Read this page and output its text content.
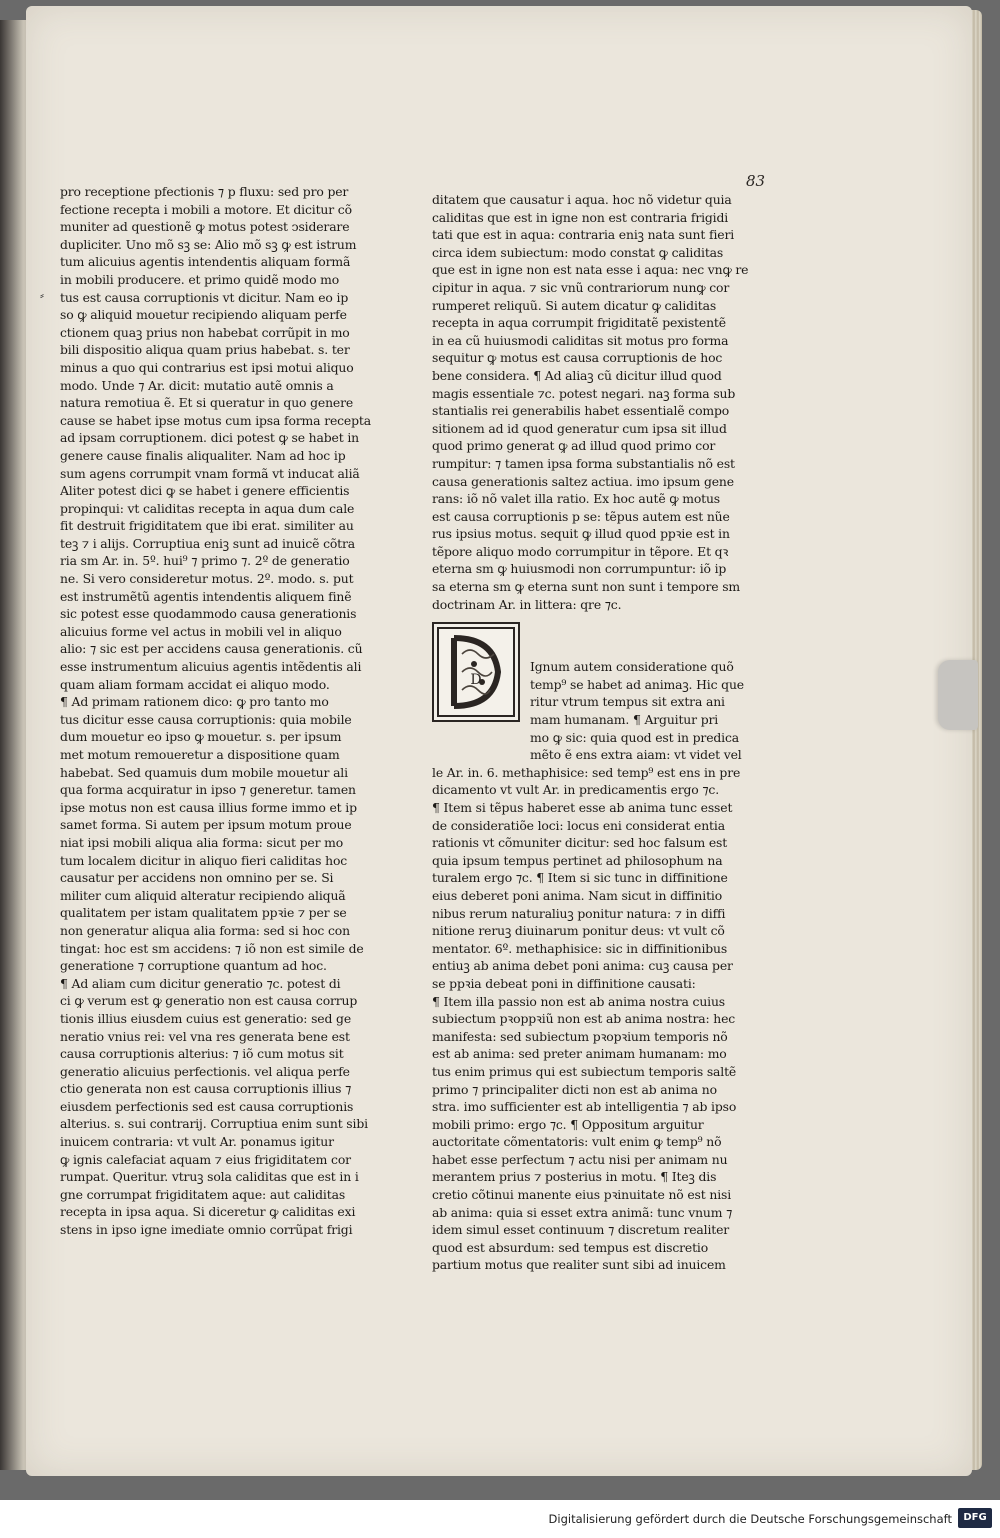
83
⸗
pro receptione pfectionis ⁊ p fluxu: sed pro per
fectione recepta i mobili a motore. Et dicitur cõ
muniter ad questionẽ ꝙ motus potest ↄsiderare
dupliciter. Uno mõ sꝫ se: Alio mõ sꝫ ꝙ est istrum
tum alicuius agentis intendentis aliquam formã
in mobili producere. et primo quidẽ modo mo
tus est causa corruptionis vt dicitur. Nam eo ip
so ꝙ aliquid mouetur recipiendo aliquam perfe
ctionem quaꝫ prius non habebat corrũpit in mo
bili dispositio aliqua quam prius habebat. s. ter
minus a quo qui contrarius est ipsi motui aliquo
modo. Unde ⁊ Ar. dicit: mutatio autẽ omnis a
natura remotiua ẽ. Et si queratur in quo genere
cause se habet ipse motus cum ipsa forma recepta
ad ipsam corruptionem. dici potest ꝙ se habet in
genere cause finalis aliqualiter. Nam ad hoc ip
sum agens corrumpit vnam formã vt inducat aliã
Aliter potest dici ꝙ se habet i genere efficientis
propinqui: vt caliditas recepta in aqua dum cale
fit destruit frigiditatem que ibi erat. similiter au
teꝫ ⁊ i alijs. Corruptiua eniꝫ sunt ad inuicẽ cõtra
ria sm Ar. in. 5º. hui⁹ ⁊ primo ⁊. 2º de generatio
ne. Si vero consideretur motus. 2º. modo. s. put
est instrumẽtũ agentis intendentis aliquem finẽ
sic potest esse quodammodo causa generationis
alicuius forme vel actus in mobili vel in aliquo
alio: ⁊ sic est per accidens causa generationis. cũ
esse instrumentum alicuius agentis intẽdentis ali
quam aliam formam accidat ei aliquo modo.
¶ Ad primam rationem dico: ꝙ pro tanto mo
tus dicitur esse causa corruptionis: quia mobile
dum mouetur eo ipso ꝙ mouetur. s. per ipsum
met motum remoueretur a dispositione quam
habebat. Sed quamuis dum mobile mouetur ali
qua forma acquiratur in ipso ⁊ generetur. tamen
ipse motus non est causa illius forme immo et ip
samet forma. Si autem per ipsum motum proue
niat ipsi mobili aliqua alia forma: sicut per mo
tum localem dicitur in aliquo fieri caliditas hoc
causatur per accidens non omnino per se. Si
militer cum aliquid alteratur recipiendo aliquã
qualitatem per istam qualitatem ppꝛie ⁊ per se
non generatur aliqua alia forma: sed si hoc con
tingat: hoc est sm accidens: ⁊ iõ non est simile de
generatione ⁊ corruptione quantum ad hoc.
¶ Ad aliam cum dicitur generatio ⁊c. potest di
ci ꝙ verum est ꝙ generatio non est causa corrup
tionis illius eiusdem cuius est generatio: sed ge
neratio vnius rei: vel vna res generata bene est
causa corruptionis alterius: ⁊ iõ cum motus sit
generatio alicuius perfectionis. vel aliqua perfe
ctio generata non est causa corruptionis illius ⁊
eiusdem perfectionis sed est causa corruptionis
alterius. s. sui contrarij. Corruptiua enim sunt sibi
inuicem contraria: vt vult Ar. ponamus igitur
ꝙ ignis calefaciat aquam ⁊ eius frigiditatem cor
rumpat. Queritur. vtruꝫ sola caliditas que est in i
gne corrumpat frigiditatem aque: aut caliditas
recepta in ipsa aqua. Si diceretur ꝙ caliditas exi
stens in ipso igne imediate omnio corrũpat frigi
ditatem que causatur i aqua. hoc nõ videtur quia
caliditas que est in igne non est contraria frigidi
tati que est in aqua: contraria eniꝫ nata sunt fieri
circa idem subiectum: modo constat ꝙ caliditas
que est in igne non est nata esse i aqua: nec vnꝙ re
cipitur in aqua. ⁊ sic vnũ contrariorum nunꝙ cor
rumperet reliquũ. Si autem dicatur ꝙ caliditas
recepta in aqua corrumpit frigiditatẽ pexistentẽ
in ea cũ huiusmodi caliditas sit motus pro forma
sequitur ꝙ motus est causa corruptionis de hoc
bene considera. ¶ Ad aliaꝫ cũ dicitur illud quod
magis essentiale ⁊c. potest negari. naꝫ forma sub
stantialis rei generabilis habet essentialẽ compo
sitionem ad id quod generatur cum ipsa sit illud
quod primo generat ꝙ ad illud quod primo cor
rumpitur: ⁊ tamen ipsa forma substantialis nõ est
causa generationis saltez actiua. imo ipsum gene
rans: iõ nõ valet illa ratio. Ex hoc autẽ ꝙ motus
est causa corruptionis p se: tẽpus autem est nũe
rus ipsius motus. sequit ꝙ illud quod ppꝛie est in
tẽpore aliquo modo corrumpitur in tẽpore. Et qꝛ
eterna sm ꝙ huiusmodi non corrumpuntur: iõ ip
sa eterna sm ꝙ eterna sunt non sunt i tempore sm
doctrinam Ar. in littera: qre ⁊c.
Ignum autem consideratione quõ
temp⁹ se habet ad animaꝫ. Hic que
ritur vtrum tempus sit extra ani
mam humanam. ¶ Arguitur pri
mo ꝙ sic: quia quod est in predica
mẽto ẽ ens extra aiam: vt videt vel
le Ar. in. 6. methaphisice: sed temp⁹ est ens in pre
dicamento vt vult Ar. in predicamentis ergo ⁊c.
¶ Item si tẽpus haberet esse ab anima tunc esset
de consideratiõe loci: locus eni considerat entia
rationis vt cõmuniter dicitur: sed hoc falsum est
quia ipsum tempus pertinet ad philosophum na
turalem ergo ⁊c. ¶ Item si sic tunc in diffinitione
eius deberet poni anima. Nam sicut in diffinitio
nibus rerum naturaliuꝫ ponitur natura: ⁊ in diffi
nitione reruꝫ diuinarum ponitur deus: vt vult cõ
mentator. 6º. methaphisice: sic in diffinitionibus
entiuꝫ ab anima debet poni anima: cuꝫ causa per
se ppꝛia debeat poni in diffinitione causati:
¶ Item illa passio non est ab anima nostra cuius
subiectum pꝛoppꝛiũ non est ab anima nostra: hec
manifesta: sed subiectum pꝛopꝛium temporis nõ
est ab anima: sed preter animam humanam: mo
tus enim primus qui est subiectum temporis saltẽ
primo ⁊ principaliter dicti non est ab anima no
stra. imo sufficienter est ab intelligentia ⁊ ab ipso
mobili primo: ergo ⁊c. ¶ Oppositum arguitur
auctoritate cõmentatoris: vult enim ꝙ temp⁹ nõ
habet esse perfectum ⁊ actu nisi per animam nu
merantem prius ⁊ posterius in motu. ¶ Iteꝫ dis
cretio cõtinui manente eius pꝛinuitate nõ est nisi
ab anima: quia si esset extra animã: tunc vnum ⁊
idem simul esset continuum ⁊ discretum realiter
quod est absurdum: sed tempus est discretio
partium motus que realiter sunt sibi ad inuicem
D
Digitalisierung gefördert durch die Deutsche Forschungsgemeinschaft	DFG
